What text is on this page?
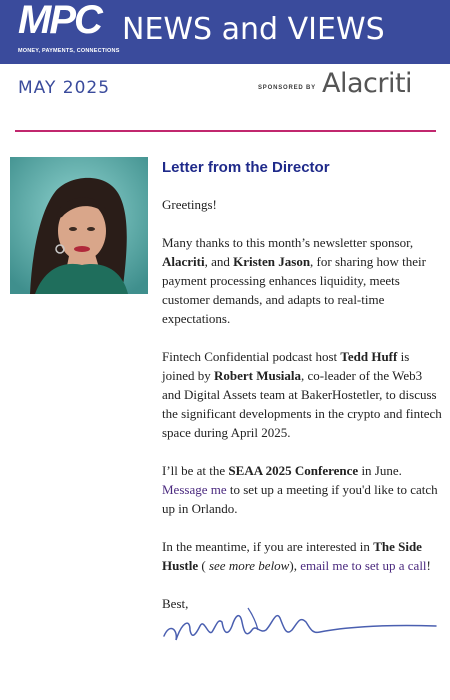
MPC
MONEY, PAYMENTS, CONNECTIONS
NEWS and VIEWS
MAY 2025	SPONSORED BY Alacriti
Letter from the Director

Greetings!

Many thanks to this month’s newsletter sponsor, Alacriti, and Kristen Jason, for sharing how their payment processing enhances liquidity, meets customer demands, and adapts to real-time expectations.

Fintech Confidential podcast host Tedd Huff is joined by Robert Musiala, co-leader of the Web3 and Digital Assets team at BakerHostetler, to discuss the significant developments in the crypto and fintech space during April 2025.

I’ll be at the SEAA 2025 Conference in June. Message me to set up a meeting if you'd like to catch up in Orlando.

In the meantime, if you are interested in The Side Hustle ( see more below), email me to set up a call!

Best,
